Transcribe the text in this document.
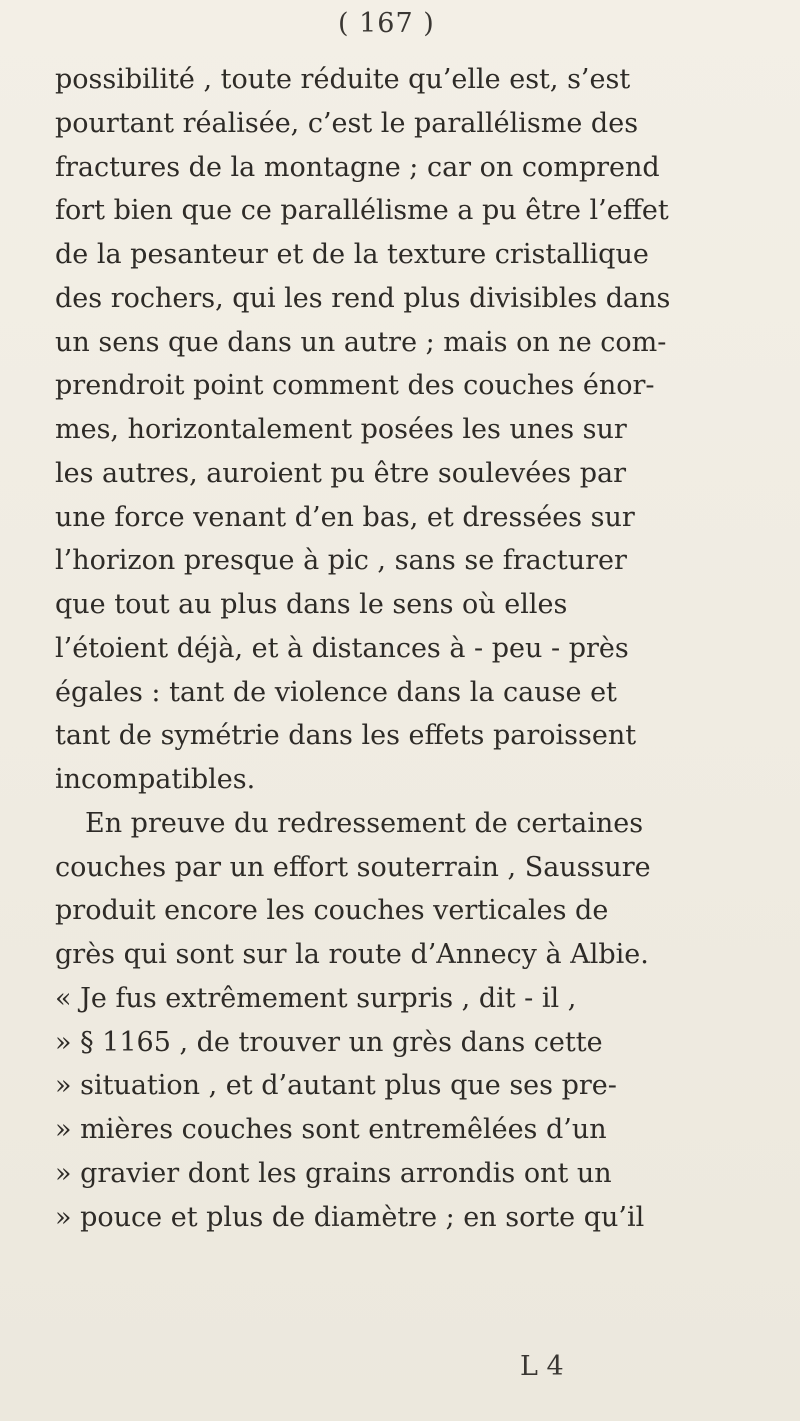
( 167 )
possibilité , toute réduite qu’elle est, s’est
pourtant réalisée, c’est le parallélisme des
fractures de la montagne ; car on comprend
fort bien que ce parallélisme a pu être l’effet
de la pesanteur et de la texture cristallique
des rochers, qui les rend plus divisibles dans
un sens que dans un autre ; mais on ne com-
prendroit point comment des couches énor-
mes, horizontalement posées les unes sur
les autres, auroient pu être soulevées par
une force venant d’en bas, et dressées sur
l’horizon presque à pic , sans se fracturer
que tout au plus dans le sens où elles
l’étoient déjà, et à distances à - peu - près
égales : tant de violence dans la cause et
tant de symétrie dans les effets paroissent
incompatibles.
En preuve du redressement de certaines
couches par un effort souterrain , Saussure
produit encore les couches verticales de
grès qui sont sur la route d’Annecy à Albie.
« Je fus extrêmement surpris , dit - il ,
» § 1165 , de trouver un grès dans cette
» situation , et d’autant plus que ses pre-
» mières couches sont entremêlées d’un
» gravier dont les grains arrondis ont un
» pouce et plus de diamètre ; en sorte qu’il
L 4
